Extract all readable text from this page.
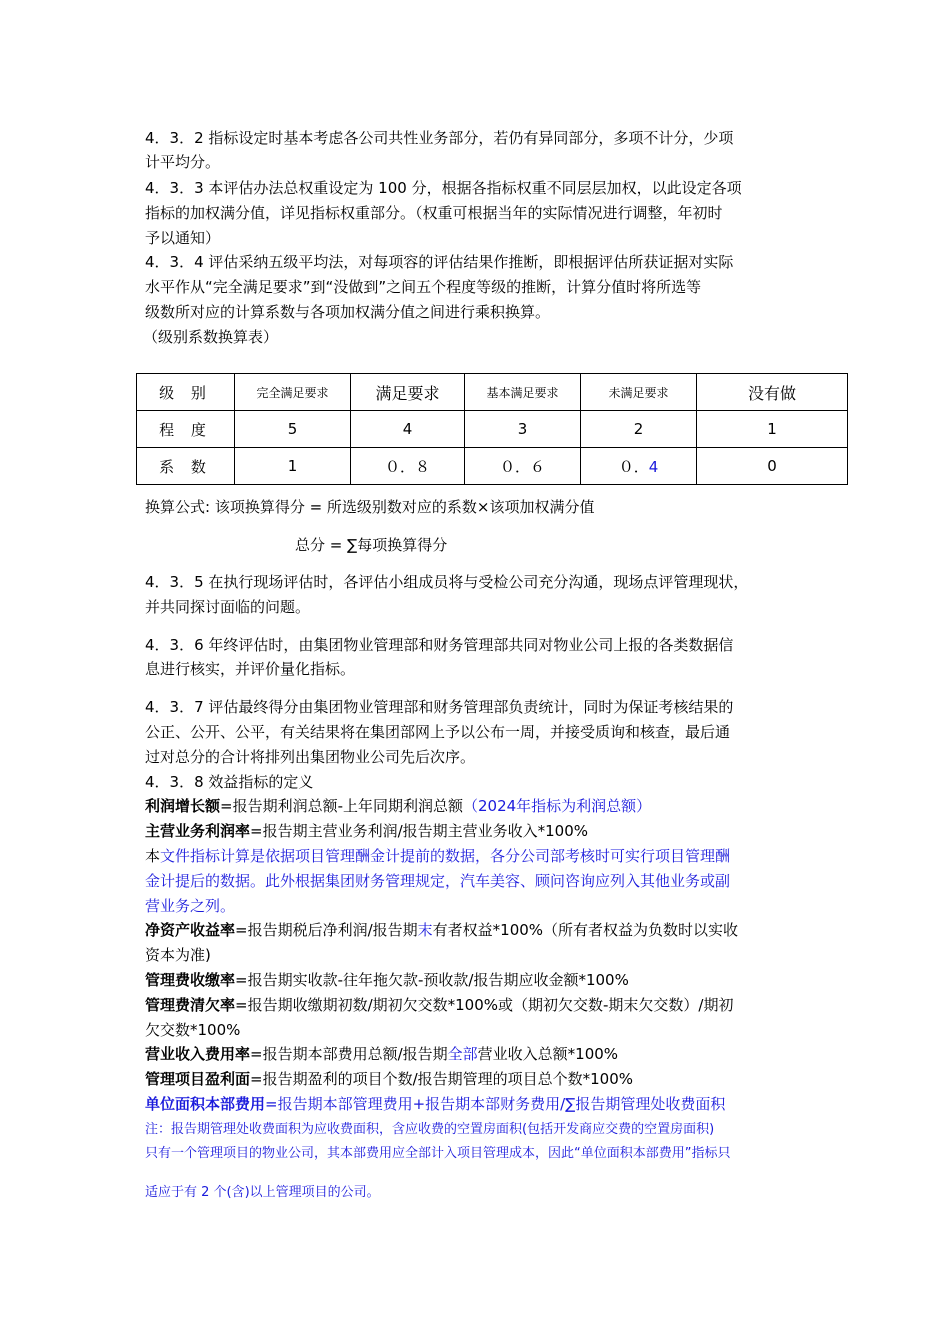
4．3．2 指标设定时基本考虑各公司共性业务部分，若仍有异同部分，多项不计分，少项
计平均分。
4．3．3 本评估办法总权重设定为 100 分，根据各指标权重不同层层加权，以此设定各项
指标的加权满分值，详见指标权重部分。（权重可根据当年的实际情况进行调整，年初时
予以通知）
4．3．4 评估采纳五级平均法，对每项容的评估结果作推断，即根据评估所获证据对实际
水平作从“完全满足要求”到“没做到”之间五个程度等级的推断，计算分值时将所选等
级数所对应的计算系数与各项加权满分值之间进行乘积换算。
（级别系数换算表）
级 别	完全满足要求	满足要求	基本满足要求	未满足要求	没有做
程 度	5	4	3	2	1
系 数	1	０．８	０．６	０．4	0
换算公式: 该项换算得分 = 所选级别数对应的系数×该项加权满分值
总分 = ∑每项换算得分
4．3．5 在执行现场评估时，各评估小组成员将与受检公司充分沟通，现场点评管理现状，
并共同探讨面临的问题。
4．3．6 年终评估时，由集团物业管理部和财务管理部共同对物业公司上报的各类数据信
息进行核实，并评价量化指标。
4．3．7 评估最终得分由集团物业管理部和财务管理部负责统计，同时为保证考核结果的
公正、公开、公平，有关结果将在集团部网上予以公布一周，并接受质询和核查，最后通
过对总分的合计将排列出集团物业公司先后次序。
4．3．8 效益指标的定义
利润增长额=报告期利润总额-上年同期利润总额（2024年指标为利润总额）
主营业务利润率=报告期主营业务利润/报告期主营业务收入*100%
本文件指标计算是依据项目管理酬金计提前的数据，各分公司部考核时可实行项目管理酬
金计提后的数据。此外根据集团财务管理规定，汽车美容、顾问咨询应列入其他业务或副
营业务之列。
净资产收益率=报告期税后净利润/报告期末有者权益*100%（所有者权益为负数时以实收
资本为准)
管理费收缴率=报告期实收款-往年拖欠款-预收款/报告期应收金额*100%
管理费清欠率=报告期收缴期初数/期初欠交数*100%或（期初欠交数-期末欠交数）/期初
欠交数*100%
营业收入费用率=报告期本部费用总额/报告期全部营业收入总额*100%
管理项目盈利面=报告期盈利的项目个数/报告期管理的项目总个数*100%
单位面积本部费用=报告期本部管理费用+报告期本部财务费用/∑报告期管理处收费面积
注：报告期管理处收费面积为应收费面积，含应收费的空置房面积(包括开发商应交费的空置房面积)
只有一个管理项目的物业公司，其本部费用应全部计入项目管理成本，因此“单位面积本部费用”指标只
适应于有 2 个(含)以上管理项目的公司。
